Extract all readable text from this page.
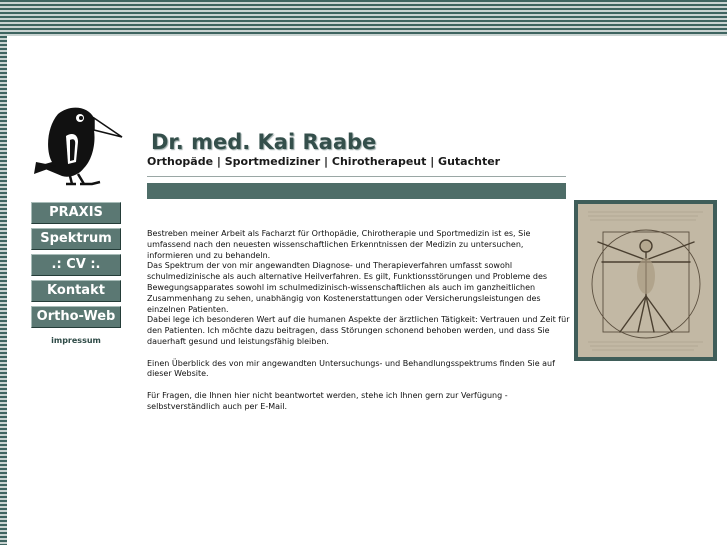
PRAXIS
Spektrum
.: CV :.
Kontakt
Ortho-Web
impressum
Dr. med. Kai Raabe
Orthopäde | Sportmediziner | Chirotherapeut | Gutachter

Bestreben meiner Arbeit als Facharzt für Orthopädie, Chirotherapie und Sportmedizin ist es, Sie umfassend nach den neuesten wissenschaftlichen Erkenntnissen der Medizin zu untersuchen, informieren und zu behandeln.

Das Spektrum der von mir angewandten Diagnose- und Therapieverfahren umfasst sowohl schulmedizinische als auch alternative Heilverfahren. Es gilt, Funktionsstörungen und Probleme des Bewegungsapparates sowohl im schulmedizinisch-wissenschaftlichen als auch im ganzheitlichen Zusammenhang zu sehen, unabhängig von Kostenerstattungen oder Versicherungsleistungen des einzelnen Patienten.

Dabei lege ich besonderen Wert auf die humanen Aspekte der ärztlichen Tätigkeit: Vertrauen und Zeit für den Patienten. Ich möchte dazu beitragen, dass Störungen schonend behoben werden, und dass Sie dauerhaft gesund und leistungsfähig bleiben.

Einen Überblick des von mir angewandten Untersuchungs- und Behandlungsspektrums finden Sie auf dieser Website.

Für Fragen, die Ihnen hier nicht beantwortet werden, stehe ich Ihnen gern zur Verfügung - selbstverständlich auch per E-Mail.
